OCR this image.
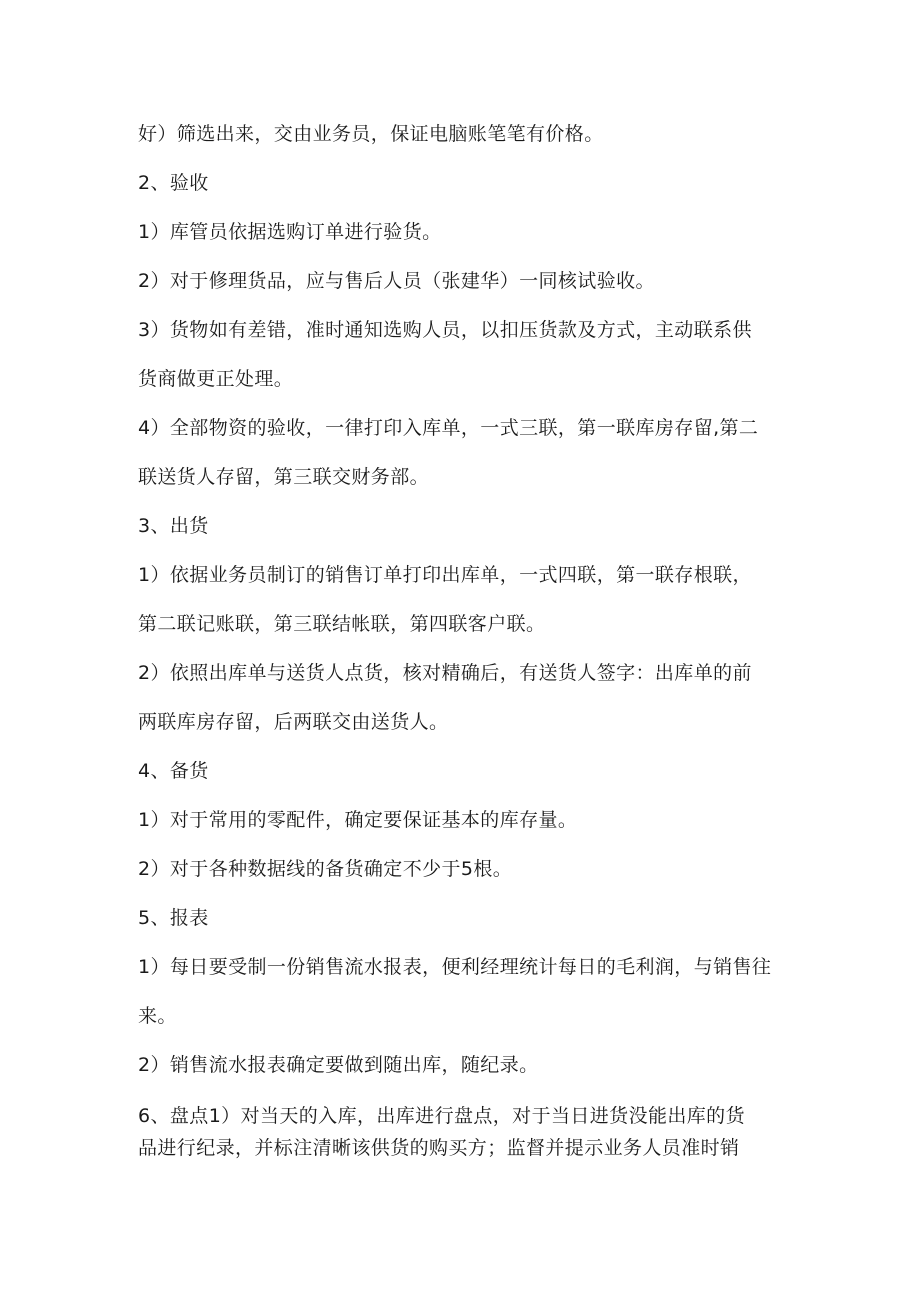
好）筛选出来，交由业务员，保证电脑账笔笔有价格。
2、验收
1）库管员依据选购订单进行验货。
2）对于修理货品，应与售后人员（张建华）一同核试验收。
3）货物如有差错，准时通知选购人员，以扣压货款及方式，主动联系供
货商做更正处理。
4）全部物资的验收，一律打印入库单，一式三联，第一联库房存留,第二
联送货人存留，第三联交财务部。
3、出货
1）依据业务员制订的销售订单打印出库单，一式四联，第一联存根联，
第二联记账联，第三联结帐联，第四联客户联。
2）依照出库单与送货人点货，核对精确后，有送货人签字：出库单的前
两联库房存留，后两联交由送货人。
4、备货
1）对于常用的零配件，确定要保证基本的库存量。
2）对于各种数据线的备货确定不少于5根。
5、报表
1）每日要受制一份销售流水报表，便利经理统计每日的毛利润，与销售往
来。
2）销售流水报表确定要做到随出库，随纪录。
6、盘点1）对当天的入库，出库进行盘点，对于当日进货没能出库的货
品进行纪录，并标注清晰该供货的购买方；监督并提示业务人员准时销
